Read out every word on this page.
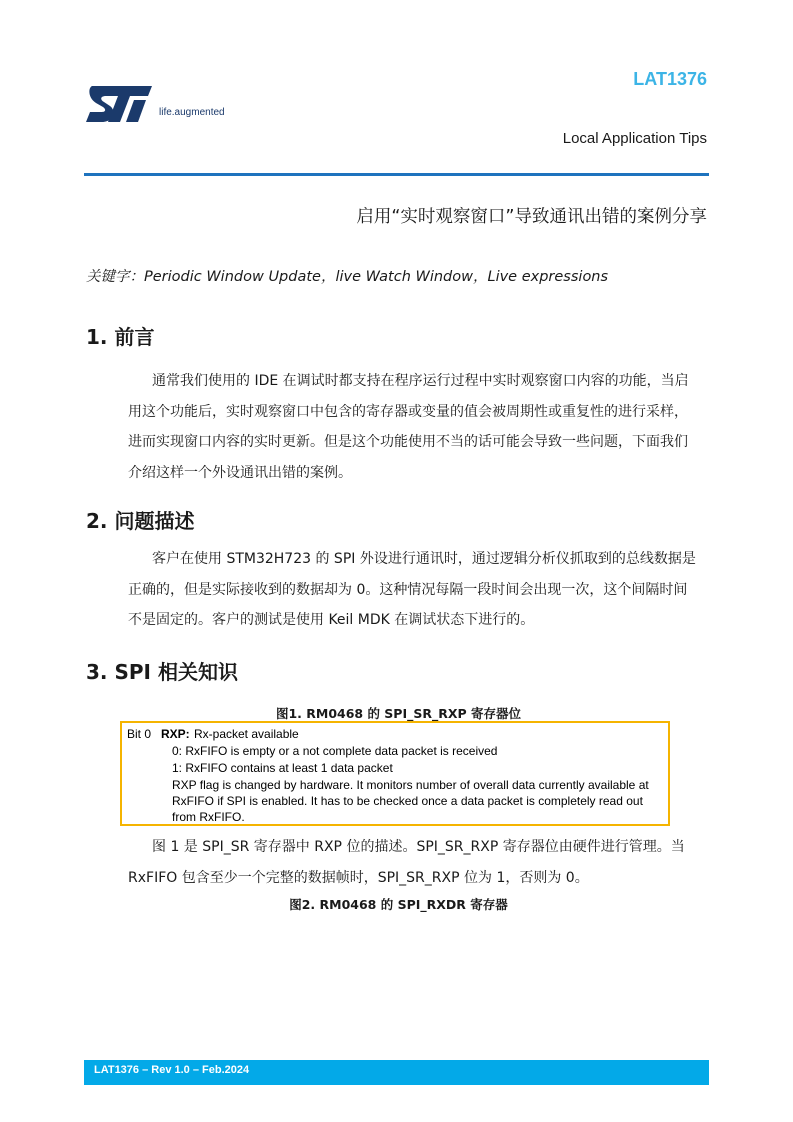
life.augmented
LAT1376
Local Application Tips
启用“实时观察窗口”导致通讯出错的案例分享
关键字：Periodic Window Update，live Watch Window，Live expressions
1. 前言

通常我们使用的 IDE 在调试时都支持在程序运行过程中实时观察窗口内容的功能，当启用这个功能后，实时观察窗口中包含的寄存器或变量的值会被周期性或重复性的进行采样，进而实现窗口内容的实时更新。但是这个功能使用不当的话可能会导致一些问题，下面我们介绍这样一个外设通讯出错的案例。

2. 问题描述

客户在使用 STM32H723 的 SPI 外设进行通讯时，通过逻辑分析仪抓取到的总线数据是正确的，但是实际接收到的数据却为 0。这种情况每隔一段时间会出现一次，这个间隔时间不是固定的。客户的测试是使用 Keil MDK 在调试状态下进行的。

3. SPI 相关知识
图1. RM0468 的 SPI_SR_RXP 寄存器位
Bit 0 RXP: Rx-packet available
0: RxFIFO is empty or a not complete data packet is received
1: RxFIFO contains at least 1 data packet
RXP flag is changed by hardware. It monitors number of overall data currently available at
RxFIFO if SPI is enabled. It has to be checked once a data packet is completely read out
from RxFIFO.

图 1 是 SPI_SR 寄存器中 RXP 位的描述。SPI_SR_RXP 寄存器位由硬件进行管理。当 RxFIFO 包含至少一个完整的数据帧时，SPI_SR_RXP 位为 1，否则为 0。

图2. RM0468 的 SPI_RXDR 寄存器
LAT1376 – Rev 1.0 – Feb.2024
